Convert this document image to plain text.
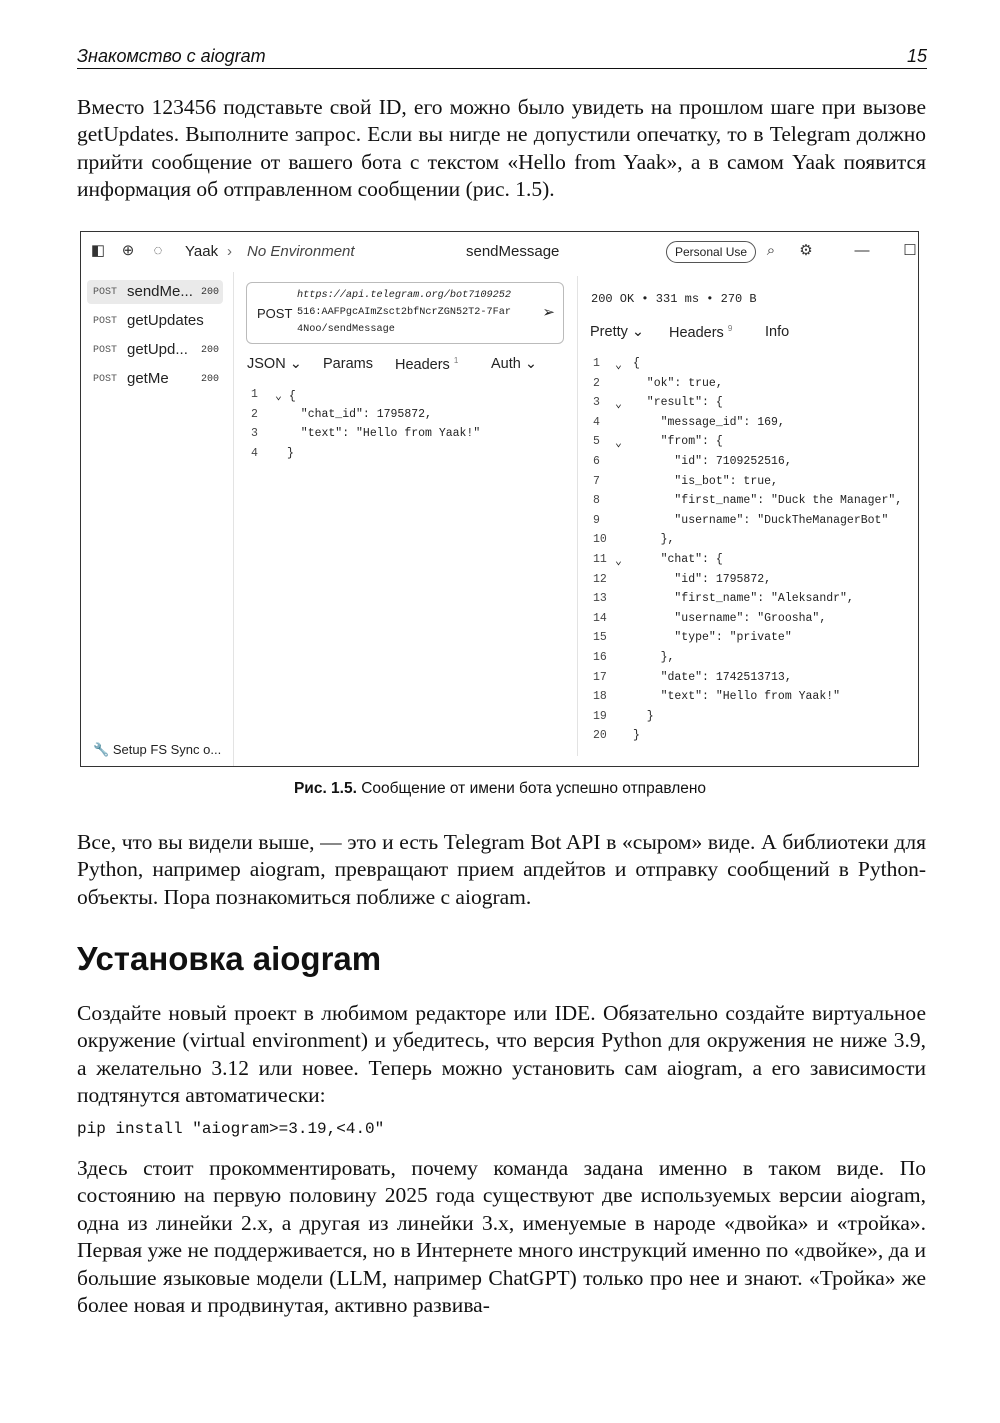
Знакомство с aiogram	15
Вместо 123456 подставьте свой ID, его можно было увидеть на прошлом шаге при вызове getUpdates. Выполните запрос. Если вы нигде не допустили опечатку, то в Telegram должно прийти сообщение от вашего бота с текстом «Hello from Yaak», а в самом Yaak появится информация об отправленном сообщении (рис. 1.5).
◧ ⊕	◌	Yaak › No Environment	sendMessage	Personal Use	⌕	⚙	— ☐
POST sendMe... 200
POST getUpdates
POST getUpd... 200
POST getMe	200
🔧 Setup FS Sync o...
POST
https://api.telegram.org/bot7109252
516:AAFPgcAImZsct2bfNcrZGN52T2-7Far
4Noo/sendMessage
➢
JSON ⌄ Params Headers $^1$ Auth ⌄
1	⌄ {
2	"chat_id": 1795872,
3	"text": "Hello from Yaak!"
4	}
200 OK • 331 ms • 270 B
Pretty ⌄ Headers $^9$ Info
1	⌄ {
2	"ok": true,
3	⌄ "result": {
4	"message_id": 169,
5	⌄ "from": {
6	"id": 7109252516,
7	"is_bot": true,
8	"first_name": "Duck the Manager",
9	"username": "DuckTheManagerBot"
10	},
11 ⌄ "chat": {
12	"id": 1795872,
13	"first_name": "Aleksandr",
14	"username": "Groosha",
15	"type": "private"
16	},
17	"date": 1742513713,
18	"text": "Hello from Yaak!"
19	}
20	}
Рис. 1.5. Сообщение от имени бота успешно отправлено
Все, что вы видели выше, — это и есть Telegram Bot API в «сыром» виде. А библиотеки для Python, например aiogram, превращают прием апдейтов и отправку сообщений в Python-объекты. Пора познакомиться поближе с aiogram.
Установка aiogram
Создайте новый проект в любимом редакторе или IDE. Обязательно создайте виртуальное окружение (virtual environment) и убедитесь, что версия Python для окружения не ниже 3.9, а желательно 3.12 или новее. Теперь можно установить сам aiogram, а его зависимости подтянутся автоматически:
pip install "aiogram>=3.19,<4.0"
Здесь стоит прокомментировать, почему команда задана именно в таком виде. По состоянию на первую половину 2025 года существуют две используемых версии aiogram, одна из линейки 2.x, а другая из линейки 3.x, именуемые в народе «двойка» и «тройка». Первая уже не поддерживается, но в Интернете много инструкций именно по «двойке», да и большие языковые модели (LLM, например ChatGPT) только про нее и знают. «Тройка» же более новая и продвинутая, активно развива-
